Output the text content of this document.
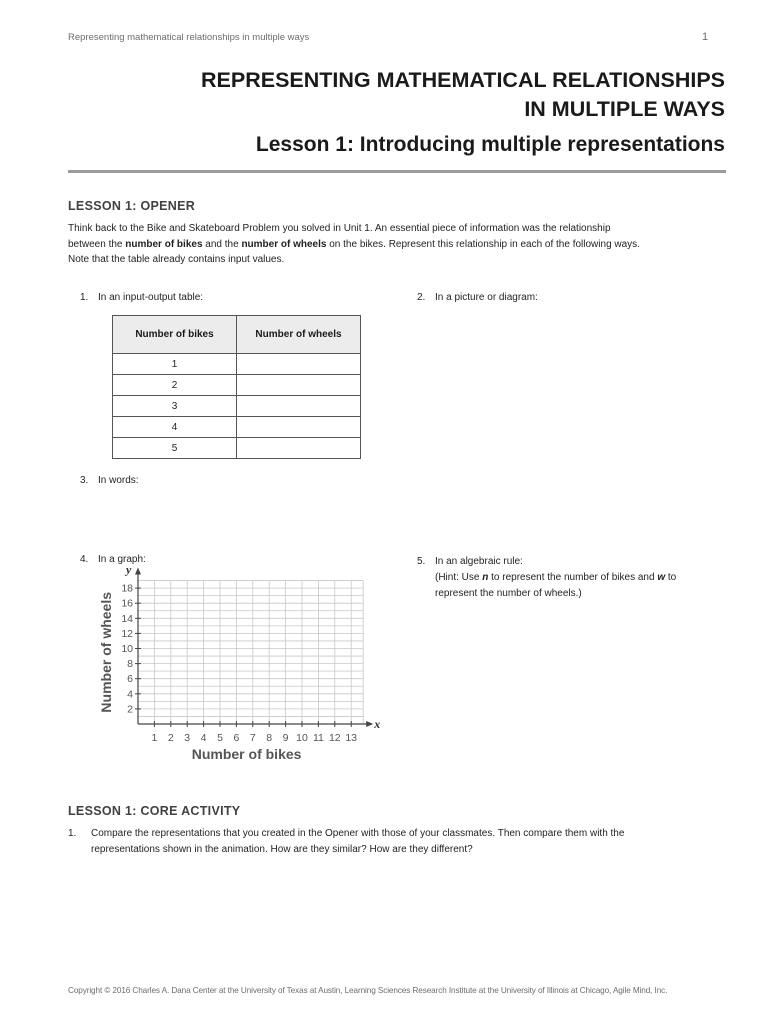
Representing mathematical relationships in multiple ways	1
REPRESENTING MATHEMATICAL RELATIONSHIPS
IN MULTIPLE WAYS
Lesson 1: Introducing multiple representations
LESSON 1: OPENER
Think back to the Bike and Skateboard Problem you solved in Unit 1. An essential piece of information was the relationship
between the number of bikes and the number of wheels on the bikes. Represent this relationship in each of the following ways.
Note that the table already contains input values.
1. In an input-output table:	2. In a picture or diagram:
Number of bikes	Number of wheels
1	
2	
3	
4	
5	
3. In words:
4. In a graph:	5. In an algebraic rule:
(Hint: Use n to represent the number of bikes and w to
represent the number of wheels.)
1 2 3 4 5 6 7 8 9 10 11 12 13
2
4
6
8
10
12
14
16
18
x
y
Number of bikes
Number of wheels
LESSON 1: CORE ACTIVITY
1.	Compare the representations that you created in the Opener with those of your classmates. Then compare them with the
representations shown in the animation. How are they similar? How are they different?
Copyright © 2016 Charles A. Dana Center at the University of Texas at Austin, Learning Sciences Research Institute at the University of Illinois at Chicago, Agile Mind, Inc.
